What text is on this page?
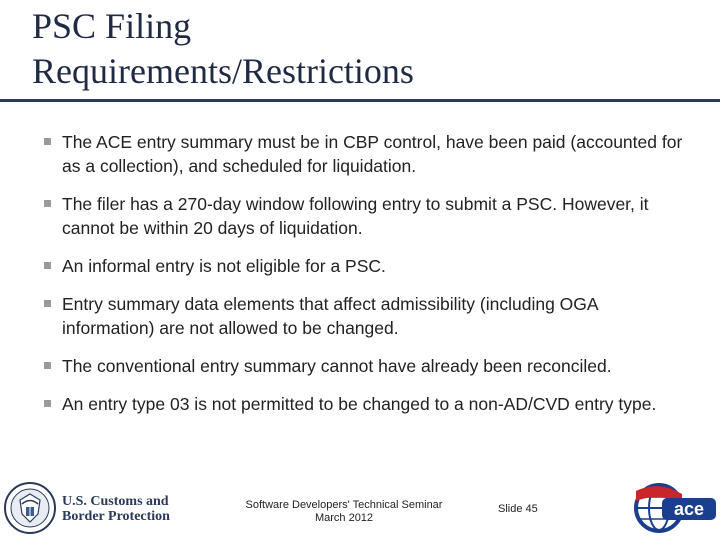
PSC Filing
Requirements/Restrictions
The ACE entry summary must be in CBP control, have been paid (accounted for as a collection), and scheduled for liquidation.
The filer has a 270-day window following entry to submit a PSC. However, it cannot be within 20 days of liquidation.
An informal entry is not eligible for a PSC.
Entry summary data elements that affect admissibility (including OGA information) are not allowed to be changed.
The conventional entry summary cannot have already been reconciled.
An entry type 03 is not permitted to be changed to a non-AD/CVD entry type.
U.S. Customs and
Border Protection
Software Developers' Technical Seminar
March 2012
Slide 45	ace
